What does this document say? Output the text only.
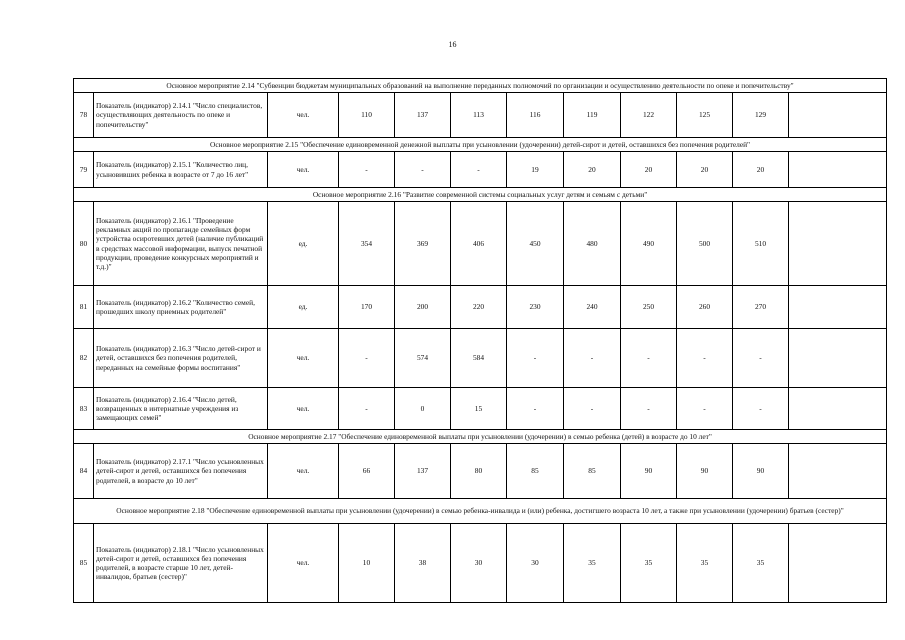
16
Основное мероприятие 2.14 "Субвенции бюджетам муниципальных образований на выполнение переданных полномочий по организации и осуществлению деятельности по опеке и попечительству"											
78	Показатель (индикатор) 2.14.1 "Число специалистов, осуществляющих деятельность по опеке и попечительству"	чел.	110	137	113	116	119	122	125	129	
Основное мероприятие 2.15 "Обеспечение единовременной денежной выплаты при усыновлении (удочерении) детей-сирот и детей, оставшихся без попечения родителей"											
79	Показатель (индикатор) 2.15.1 "Количество лиц, усыновивших ребенка в возрасте от 7 до 16 лет"	чел.	-	-	-	19	20	20	20	20	
Основное мероприятие 2.16 "Развитие современной системы социальных услуг детям и семьям с детьми"											
80	Показатель (индикатор) 2.16.1 "Проведение рекламных акций по пропаганде семейных форм устройства осиротевших детей (наличие публикаций в средствах массовой информации, выпуск печатной продукции, проведение конкурсных мероприятий и т.д.)"	ед.	354	369	406	450	480	490	500	510	
81	Показатель (индикатор) 2.16.2 "Количество семей, прошедших школу приемных родителей"	ед.	170	200	220	230	240	250	260	270	
82	Показатель (индикатор) 2.16.3 "Число детей-сирот и детей, оставшихся без попечения родителей, переданных на семейные формы воспитания"	чел.	-	574	584	-	-	-	-	-	
83	Показатель (индикатор) 2.16.4 "Число детей, возвращенных в интернатные учреждения из замещающих семей"	чел.	-	0	15	-	-	-	-	-	
Основное мероприятие 2.17 "Обеспечение единовременной выплаты при усыновлении (удочерении) в семью ребенка (детей) в возрасте до 10 лет"											
84	Показатель (индикатор) 2.17.1 "Число усыновленных детей-сирот и детей, оставшихся без попечения родителей, в возрасте до 10 лет"	чел.	66	137	80	85	85	90	90	90	
Основное мероприятие 2.18 "Обеспечение единовременной выплаты при усыновлении (удочерении) в семью ребенка-инвалида и (или) ребенка, достигшего возраста 10 лет, а также при усыновлении (удочерении) братьев (сестер)"											
85	Показатель (индикатор) 2.18.1 "Число усыновленных детей-сирот и детей, оставшихся без попечения родителей, в возрасте старше 10 лет, детей-инвалидов, братьев (сестер)"	чел.	10	38	30	30	35	35	35	35	
